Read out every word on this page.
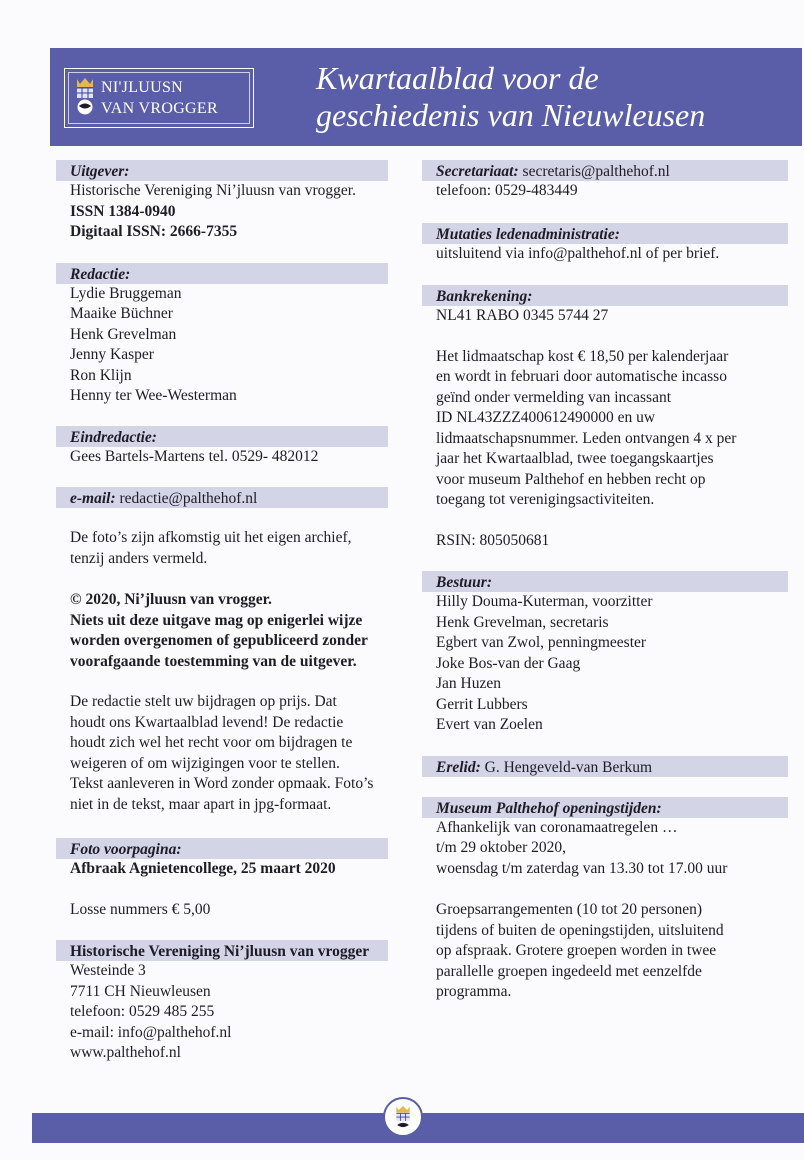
NI'JLUUSN
VAN VROGGER
Kwartaalblad voor de
geschiedenis van Nieuwleusen
Uitgever:
Historische Vereniging Ni’jluusn van vrogger.
ISSN 1384-0940
Digitaal ISSN: 2666-7355
Redactie:
Lydie Bruggeman
Maaike Büchner
Henk Grevelman
Jenny Kasper
Ron Klijn
Henny ter Wee-Westerman
Eindredactie:
Gees Bartels-Martens tel. 0529- 482012
e-mail: redactie@palthehof.nl
De foto’s zijn afkomstig uit het eigen archief,
tenzij anders vermeld.
© 2020, Ni’jluusn van vrogger.
Niets uit deze uitgave mag op enigerlei wijze
worden overgenomen of gepubliceerd zonder
voorafgaande toestemming van de uitgever.
De redactie stelt uw bijdragen op prijs. Dat
houdt ons Kwartaalblad levend! De redactie
houdt zich wel het recht voor om bijdragen te
weigeren of om wijzigingen voor te stellen.
Tekst aanleveren in Word zonder opmaak. Foto’s
niet in de tekst, maar apart in jpg-formaat.
Foto voorpagina:
Afbraak Agnietencollege, 25 maart 2020
Losse nummers € 5,00
Historische Vereniging Ni’jluusn van vrogger
Westeinde 3
7711 CH Nieuwleusen
telefoon: 0529 485 255
e-mail: info@palthehof.nl
www.palthehof.nl
Secretariaat: secretaris@palthehof.nl
telefoon: 0529-483449
Mutaties ledenadministratie:
uitsluitend via info@palthehof.nl of per brief.
Bankrekening:
NL41 RABO 0345 5744 27
Het lidmaatschap kost € 18,50 per kalenderjaar
en wordt in februari door automatische incasso
geïnd onder vermelding van incassant
ID NL43ZZZ400612490000 en uw
lidmaatschapsnummer. Leden ontvangen 4 x per
jaar het Kwartaalblad, twee toegangskaartjes
voor museum Palthehof en hebben recht op
toegang tot verenigingsactiviteiten.
RSIN: 805050681
Bestuur:
Hilly Douma-Kuterman, voorzitter
Henk Grevelman, secretaris
Egbert van Zwol, penningmeester
Joke Bos-van der Gaag
Jan Huzen
Gerrit Lubbers
Evert van Zoelen
Erelid: G. Hengeveld-van Berkum
Museum Palthehof openingstijden:
Afhankelijk van coronamaatregelen …
t/m 29 oktober 2020,
woensdag t/m zaterdag van 13.30 tot 17.00 uur
Groepsarrangementen (10 tot 20 personen)
tijdens of buiten de openingstijden, uitsluitend
op afspraak. Grotere groepen worden in twee
parallelle groepen ingedeeld met eenzelfde
programma.
